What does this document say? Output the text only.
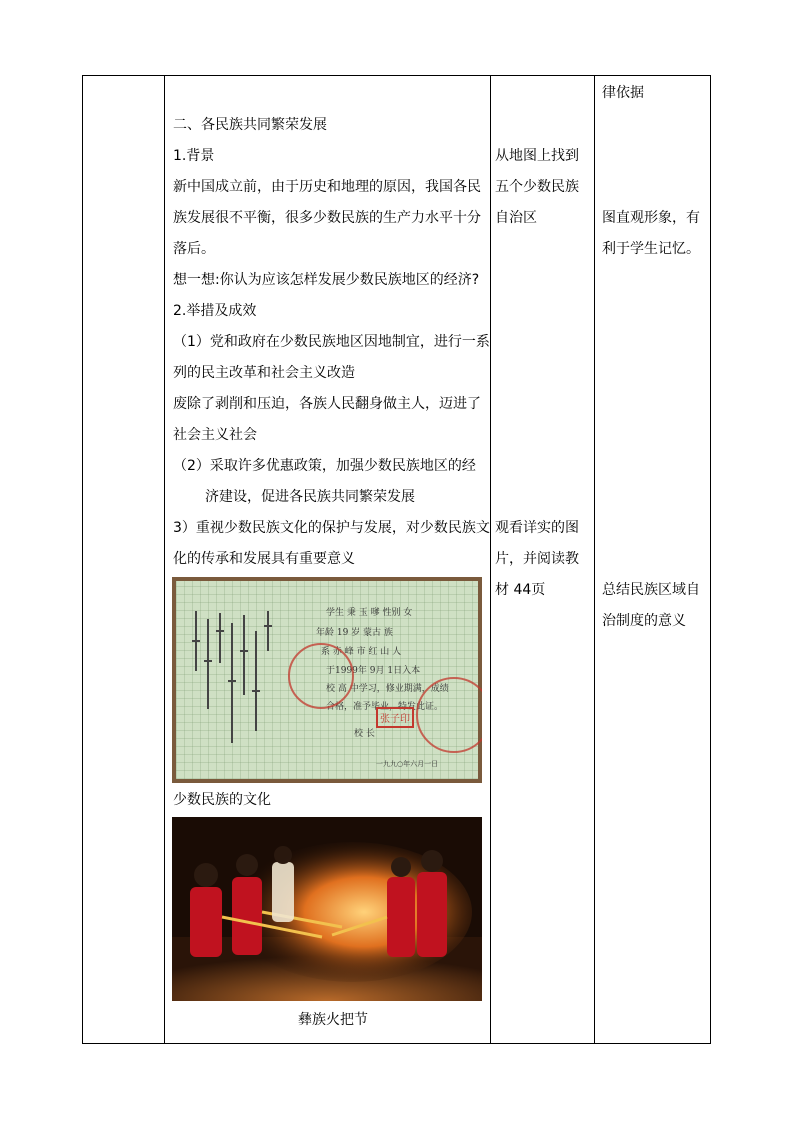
二、各民族共同繁荣发展
1.背景
新中国成立前，由于历史和地理的原因，我国各民
族发展很不平衡，很多少数民族的生产力水平十分
落后。
想一想:你认为应该怎样发展少数民族地区的经济?
2.举措及成效
（1）党和政府在少数民族地区因地制宜，进行一系
列的民主改革和社会主义改造
废除了剥削和压迫，各族人民翻身做主人，迈进了
社会主义社会
（2）采取许多优惠政策，加强少数民族地区的经
济建设，促进各民族共同繁荣发展
3）重视少数民族文化的保护与发展，对少数民族文
化的传承和发展具有重要意义
学生 秉 玉 嗲 性别 女
年龄 19 岁 蒙古 族
系 赤 峰 市 红 山 人
于1999年 9月 1日入本
校 高 中学习，修业期满，成绩
合格，准予毕业，特发此证。
校 长
一九九○年六月一日
张子印
少数民族的文化
彝族火把节
从地图上找到
五个少数民族
自治区
观看详实的图
片，并阅读教
材 44页
律依据
图直观形象，有
利于学生记忆。
总结民族区域自
治制度的意义
